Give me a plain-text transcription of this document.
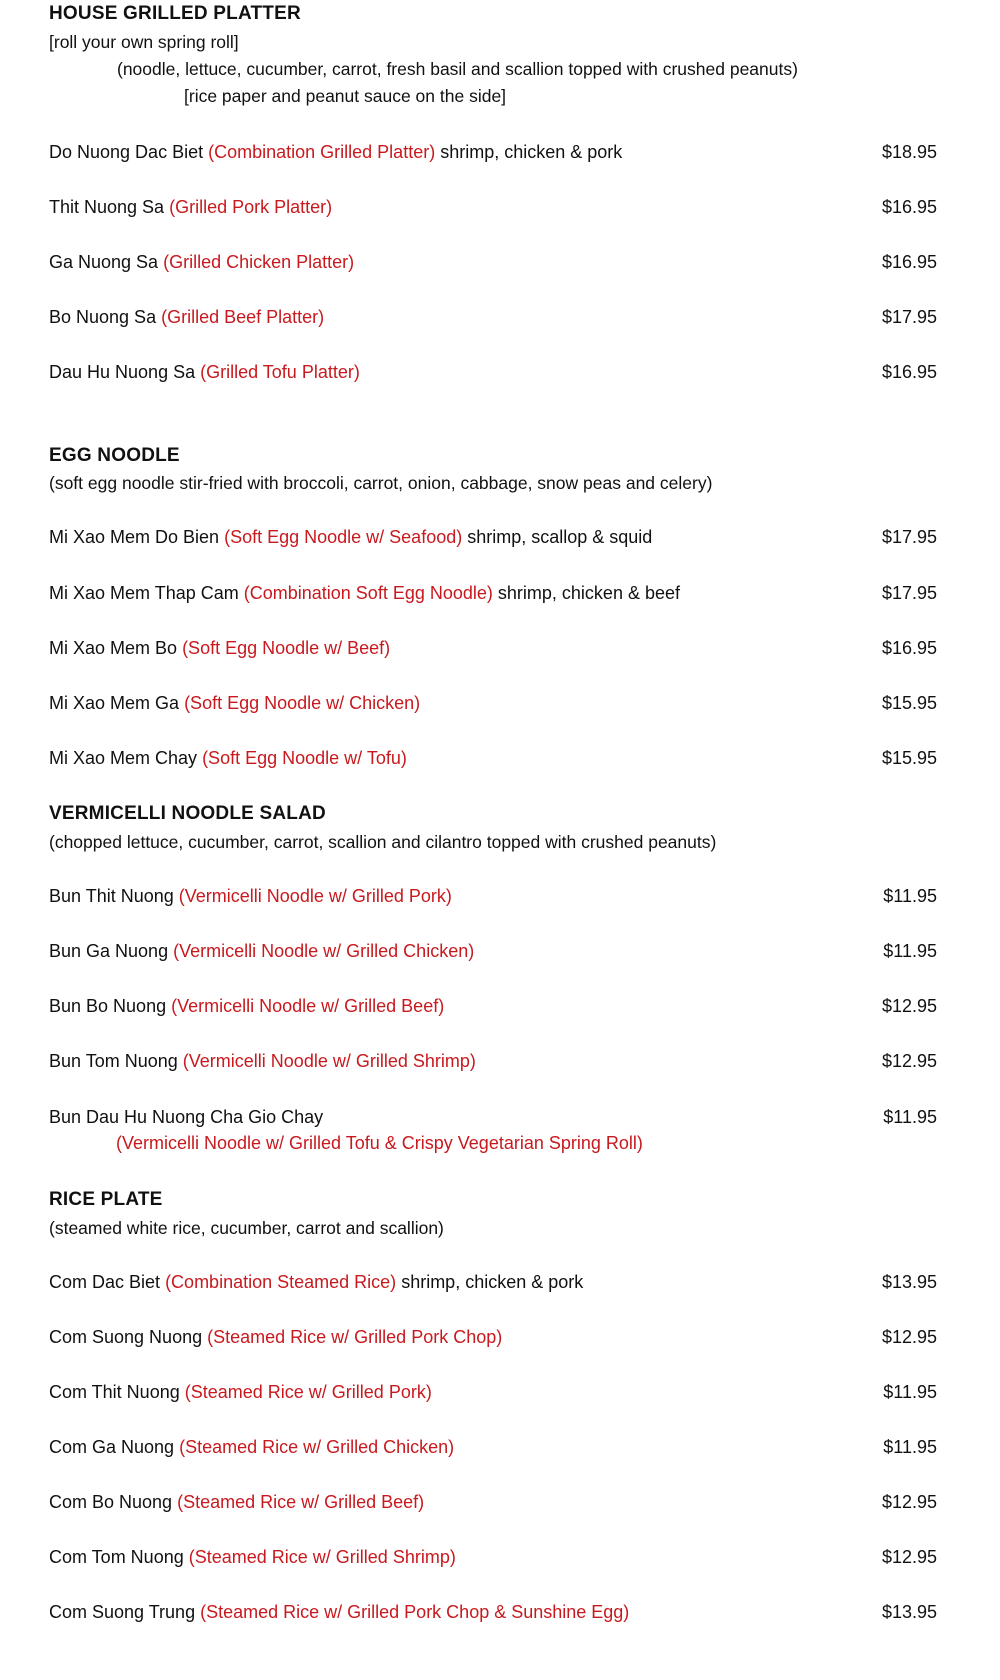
HOUSE GRILLED PLATTER
[roll your own spring roll]
(noodle, lettuce, cucumber, carrot, fresh basil and scallion topped with crushed peanuts)
[rice paper and peanut sauce on the side]
Do Nuong Dac Biet (Combination Grilled Platter) shrimp, chicken & pork	$18.95
Thit Nuong Sa (Grilled Pork Platter)	$16.95
Ga Nuong Sa (Grilled Chicken Platter)	$16.95
Bo Nuong Sa (Grilled Beef Platter)	$17.95
Dau Hu Nuong Sa (Grilled Tofu Platter)	$16.95
EGG NOODLE
(soft egg noodle stir-fried with broccoli, carrot, onion, cabbage, snow peas and celery)
Mi Xao Mem Do Bien (Soft Egg Noodle w/ Seafood) shrimp, scallop & squid	$17.95
Mi Xao Mem Thap Cam (Combination Soft Egg Noodle) shrimp, chicken & beef	$17.95
Mi Xao Mem Bo (Soft Egg Noodle w/ Beef)	$16.95
Mi Xao Mem Ga (Soft Egg Noodle w/ Chicken)	$15.95
Mi Xao Mem Chay (Soft Egg Noodle w/ Tofu)	$15.95
VERMICELLI NOODLE SALAD
(chopped lettuce, cucumber, carrot, scallion and cilantro topped with crushed peanuts)
Bun Thit Nuong (Vermicelli Noodle w/ Grilled Pork)	$11.95
Bun Ga Nuong (Vermicelli Noodle w/ Grilled Chicken)	$11.95
Bun Bo Nuong (Vermicelli Noodle w/ Grilled Beef)	$12.95
Bun Tom Nuong (Vermicelli Noodle w/ Grilled Shrimp)	$12.95
Bun Dau Hu Nuong Cha Gio Chay	$11.95
(Vermicelli Noodle w/ Grilled Tofu & Crispy Vegetarian Spring Roll)
RICE PLATE
(steamed white rice, cucumber, carrot and scallion)
Com Dac Biet (Combination Steamed Rice) shrimp, chicken & pork	$13.95
Com Suong Nuong (Steamed Rice w/ Grilled Pork Chop)	$12.95
Com Thit Nuong (Steamed Rice w/ Grilled Pork)	$11.95
Com Ga Nuong (Steamed Rice w/ Grilled Chicken)	$11.95
Com Bo Nuong (Steamed Rice w/ Grilled Beef)	$12.95
Com Tom Nuong (Steamed Rice w/ Grilled Shrimp)	$12.95
Com Suong Trung (Steamed Rice w/ Grilled Pork Chop & Sunshine Egg)	$13.95
